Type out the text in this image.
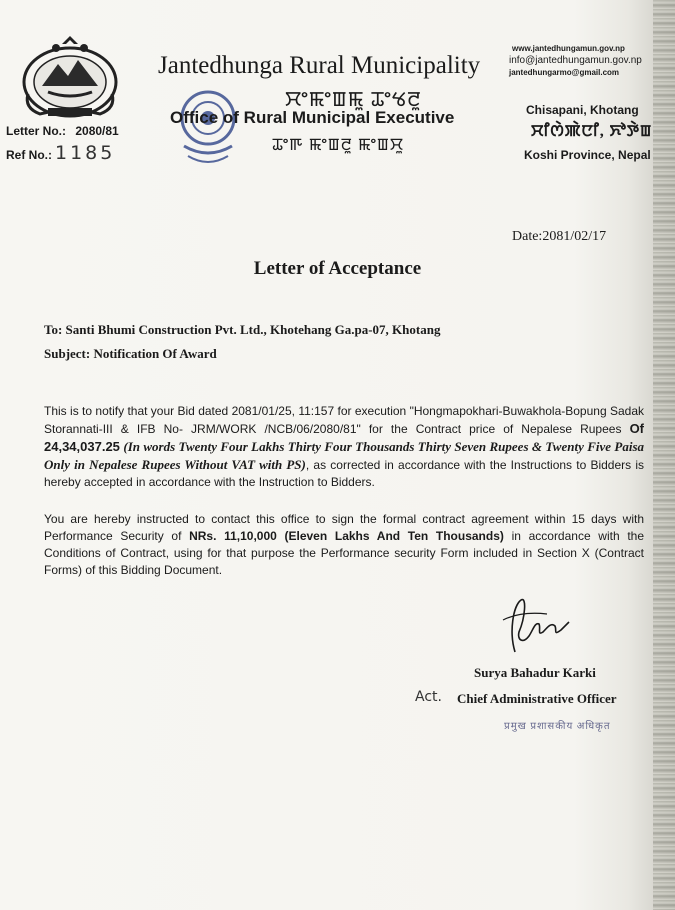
Jantedhunga Rural Municipality
ꯆꯦꯃꯦꯡꯃꯨ ꯊꯦꯠꯂꯨ
Office of Rural Municipal Executive
ꯊꯦꯒ ꯃꯦꯡꯂꯨ ꯃꯦꯡꯆꯨ
www.jantedhungamun.gov.np
info@jantedhungamun.gov.np
jantedhungarmo@gmail.com
Chisapani, Khotang
ꯆꯤꯁꯥꯄꯥꯅꯤ, ꯈꯣꯇꯥꯡ
Koshi Province, Nepal
Letter No.: 2080/81
Ref No.: 1185
Date:2081/02/17
Letter of Acceptance
To: Santi Bhumi Construction Pvt. Ltd., Khotehang Ga.pa-07, Khotang
Subject: Notification Of Award
This is to notify that your Bid dated 2081/01/25, 11:157 for execution "Hongmapokhari-Buwakhola-Bopung Sadak Storannati-III & IFB No- JRM/WORK /NCB/06/2080/81" for the Contract price of Nepalese Rupees Of 24,34,037.25 (In words Twenty Four Lakhs Thirty Four Thousands Thirty Seven Rupees & Twenty Five Paisa Only in Nepalese Rupees Without VAT with PS), as corrected in accordance with the Instructions to Bidders is hereby accepted in accordance with the Instruction to Bidders.
You are hereby instructed to contact this office to sign the formal contract agreement within 15 days with Performance Security of NRs. 11,10,000 (Eleven Lakhs And Ten Thousands) in accordance with the Conditions of Contract, using for that purpose the Performance security Form included in Section X (Contract Forms) of this Bidding Document.
Surya Bahadur Karki
Act. Chief Administrative Officer
प्रमुख प्रशासकीय अधिकृत
